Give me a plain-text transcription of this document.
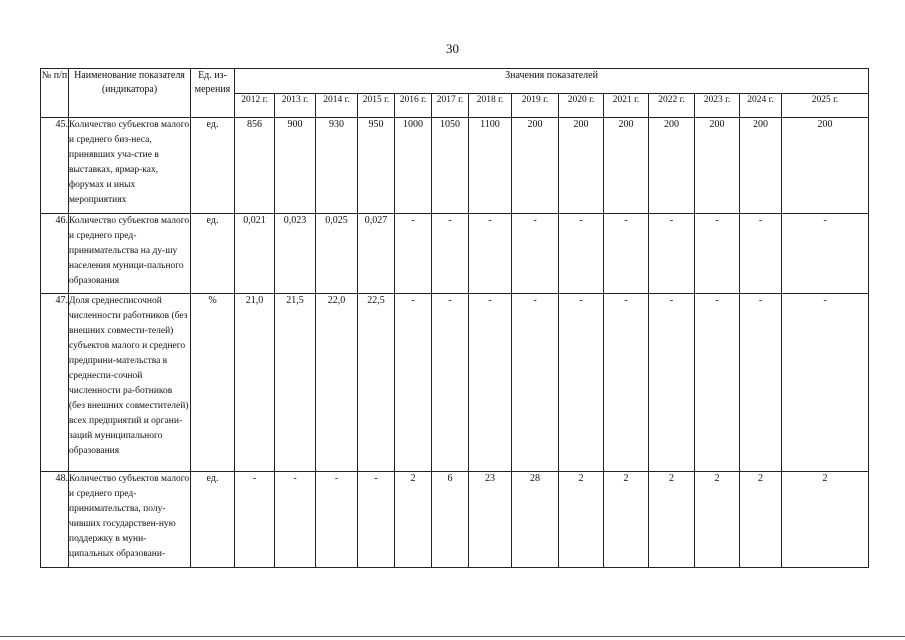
30
№ п/п	Наименование показателя (индикатора)	Ед. из-мерения	Значения показателей													
			2012 г.	2013 г.	2014 г.	2015 г.	2016 г.	2017 г.	2018 г.	2019 г.	2020 г.	2021 г.	2022 г.	2023 г.	2024 г.	2025 г.
45.	Количество субъектов малого и среднего биз-неса, принявших уча-стие в выставках, ярмар-ках, форумах и иных мероприятиях	ед.	856	900	930	950	1000	1050	1100	200	200	200	200	200	200	200
46.	Количество субъектов малого и среднего пред-принимательства на ду-шу населения муници-пального образования	ед.	0,021	0,023	0,025	0,027	-	-	-	-	-	-	-	-	-	-
47.	Доля среднесписочной численности работников (без внешних совмести-телей) субъектов малого и среднего предприни-мательства в среднеспи-сочной численности ра-ботников (без внешних совместителей) всех предприятий и органи-заций муниципального образования	%	21,0	21,5	22,0	22,5	-	-	-	-	-	-	-	-	-	-
48.	Количество субъектов малого и среднего пред-принимательства, полу-чивших государствен-ную поддержку в муни-ципальных образовани-	ед.	-	-	-	-	2	6	23	28	2	2	2	2	2	2
